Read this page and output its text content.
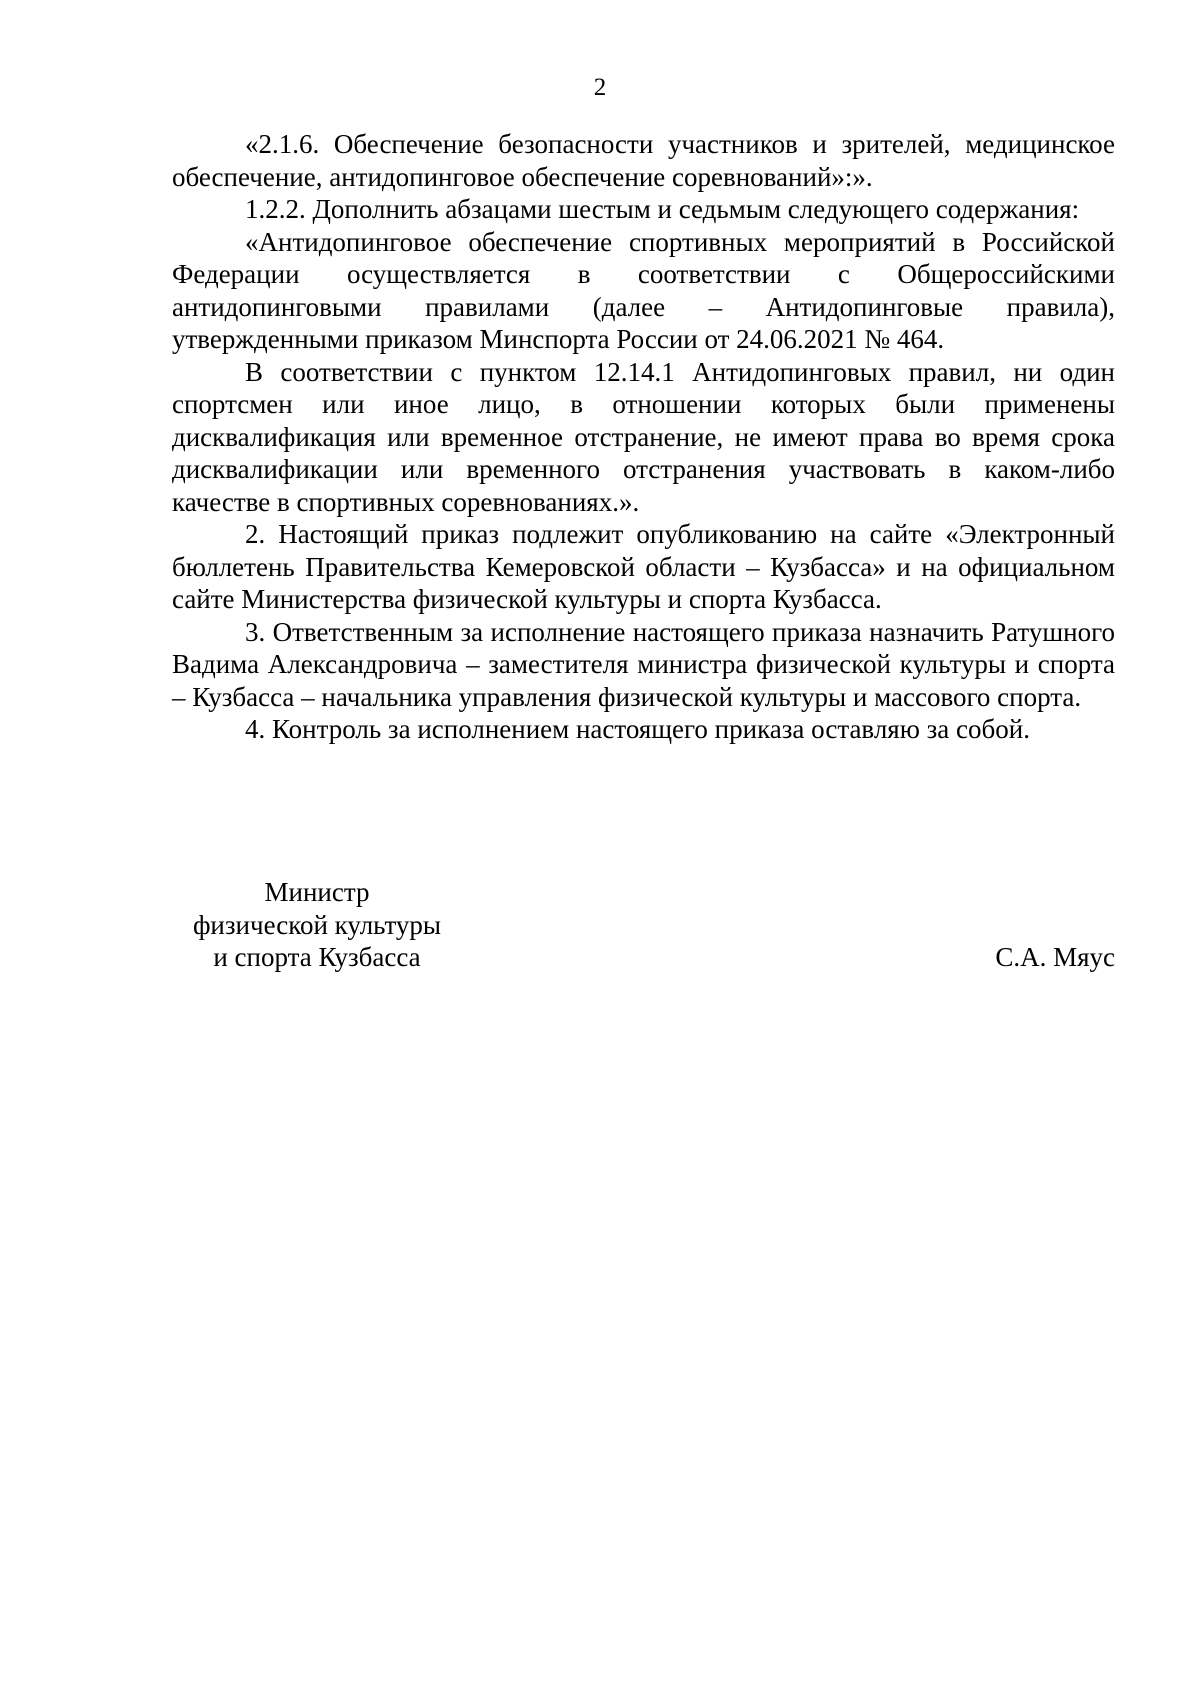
2

«2.1.6. Обеспечение безопасности участников и зрителей, медицинское обеспечение, антидопинговое обеспечение соревнований»:».

1.2.2. Дополнить абзацами шестым и седьмым следующего содержания:

«Антидопинговое обеспечение спортивных мероприятий в Российской Федерации осуществляется в соответствии с Общероссийскими антидопинговыми правилами (далее – Антидопинговые правила), утвержденными приказом Минспорта России от 24.06.2021 № 464.

В соответствии с пунктом 12.14.1 Антидопинговых правил, ни один спортсмен или иное лицо, в отношении которых были применены дисквалификация или временное отстранение, не имеют права во время срока дисквалификации или временного отстранения участвовать в каком-либо качестве в спортивных соревнованиях.».

2. Настоящий приказ подлежит опубликованию на сайте «Электронный бюллетень Правительства Кемеровской области – Кузбасса» и на официальном сайте Министерства физической культуры и спорта Кузбасса.

3. Ответственным за исполнение настоящего приказа назначить Ратушного Вадима Александровича – заместителя министра физической культуры и спорта – Кузбасса – начальника управления физической культуры и массового спорта.

4. Контроль за исполнением настоящего приказа оставляю за собой.

Министр
физической культуры
и спорта Кузбасса	С.А. Мяус
